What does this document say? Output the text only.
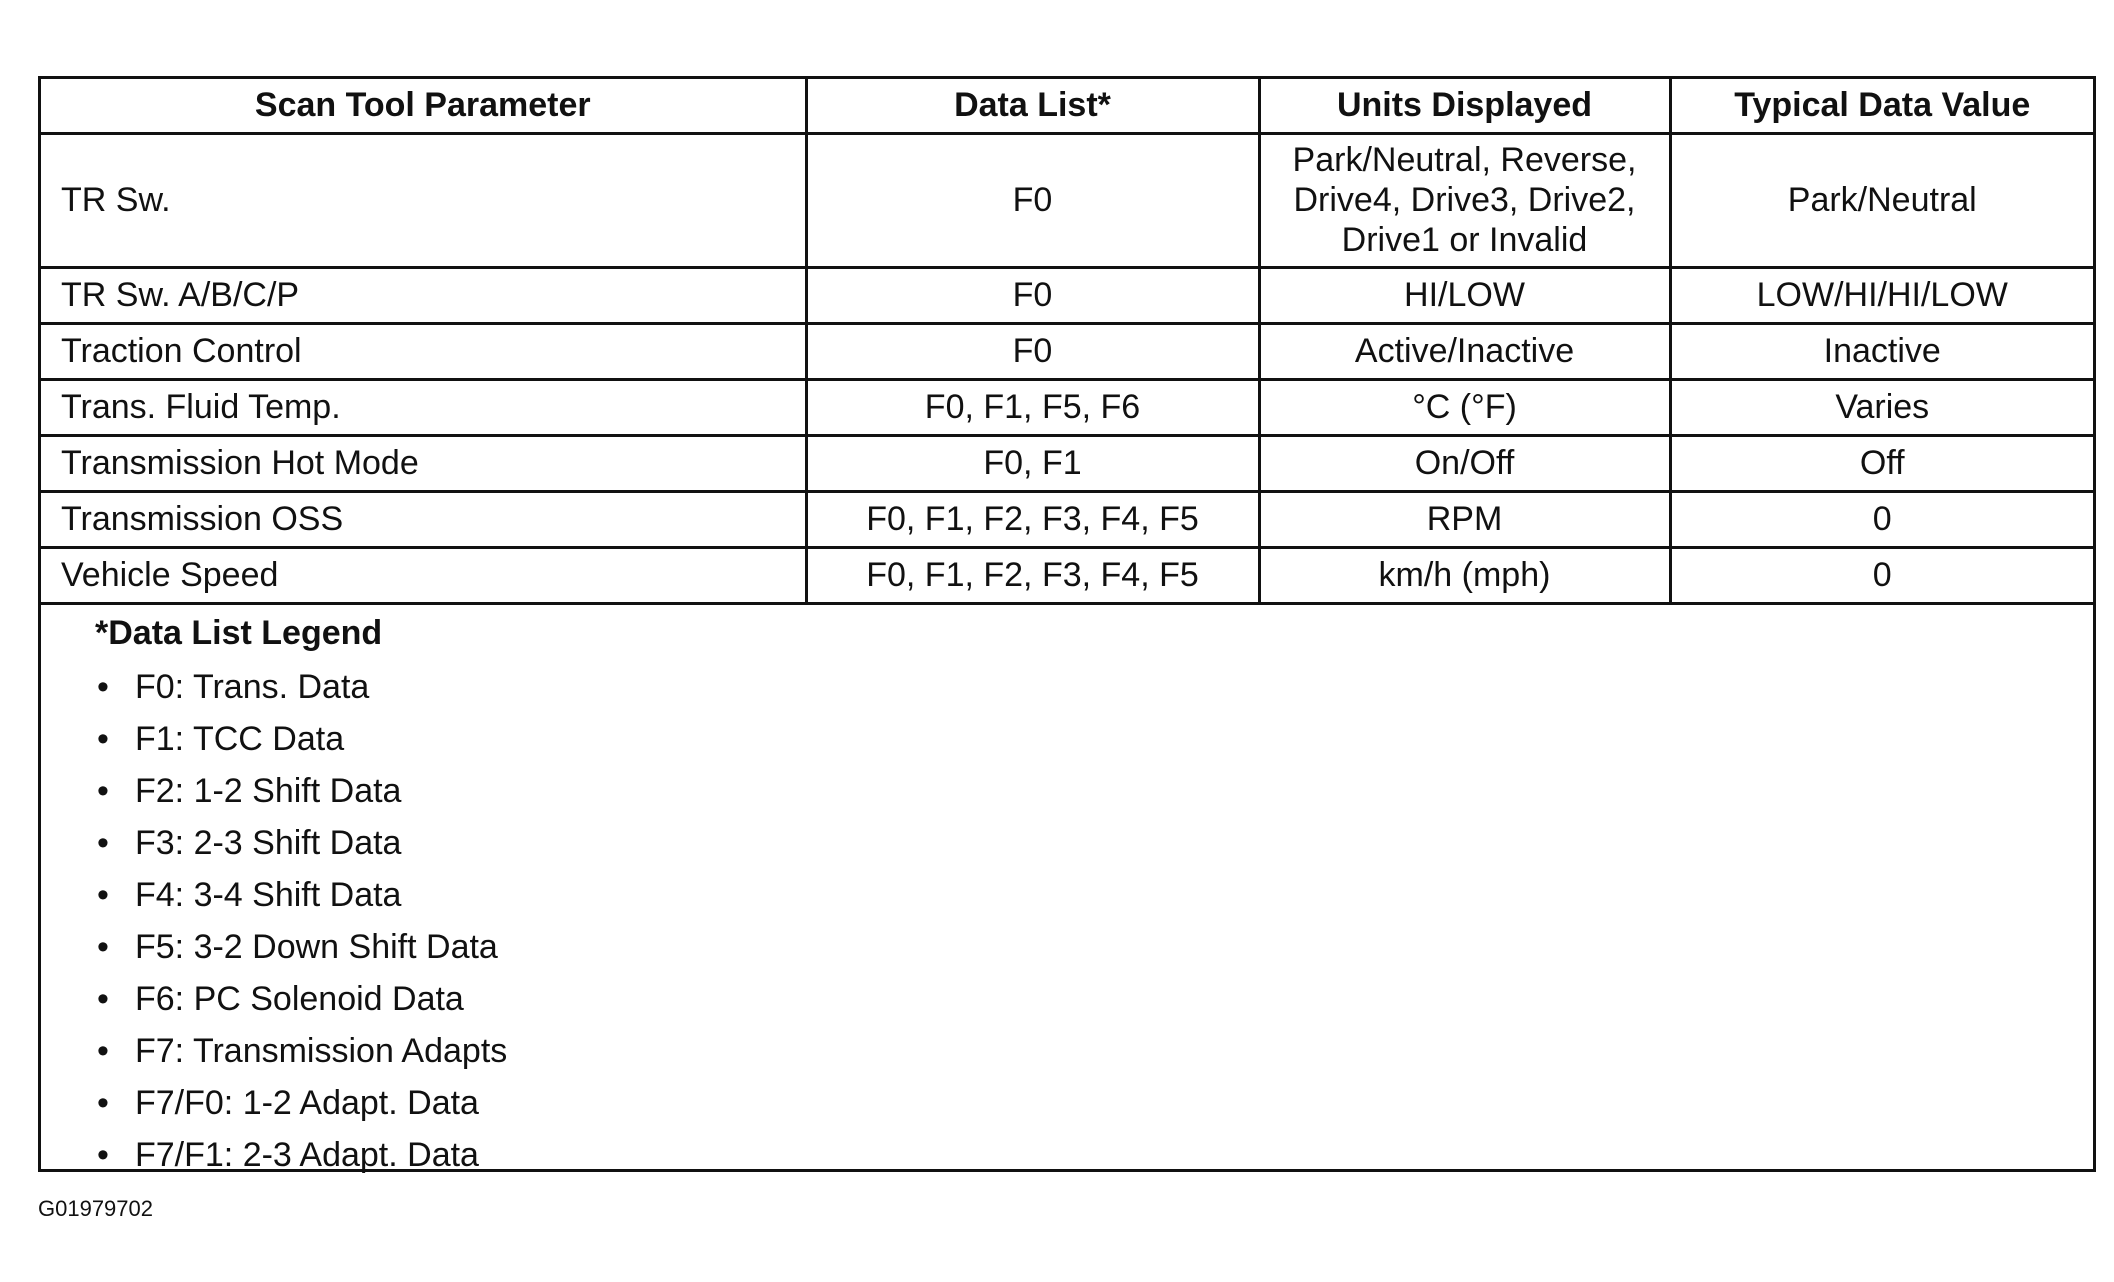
Scan Tool Parameter	Data List*	Units Displayed	Typical Data Value
TR Sw.	F0	Park/Neutral, Reverse,
Drive4, Drive3, Drive2,
Drive1 or Invalid	Park/Neutral
TR Sw. A/B/C/P	F0	HI/LOW	LOW/HI/HI/LOW
Traction Control	F0	Active/Inactive	Inactive
Trans. Fluid Temp.	F0, F1, F5, F6	°C (°F)	Varies
Transmission Hot Mode	F0, F1	On/Off	Off
Transmission OSS	F0, F1, F2, F3, F4, F5	RPM	0
Vehicle Speed	F0, F1, F2, F3, F4, F5	km/h (mph)	0
*Data List Legend
• F0: Trans. Data
• F1: TCC Data
• F2: 1-2 Shift Data
• F3: 2-3 Shift Data
• F4: 3-4 Shift Data
• F5: 3-2 Down Shift Data
• F6: PC Solenoid Data
• F7: Transmission Adapts
• F7/F0: 1-2 Adapt. Data
• F7/F1: 2-3 Adapt. Data
G01979702
